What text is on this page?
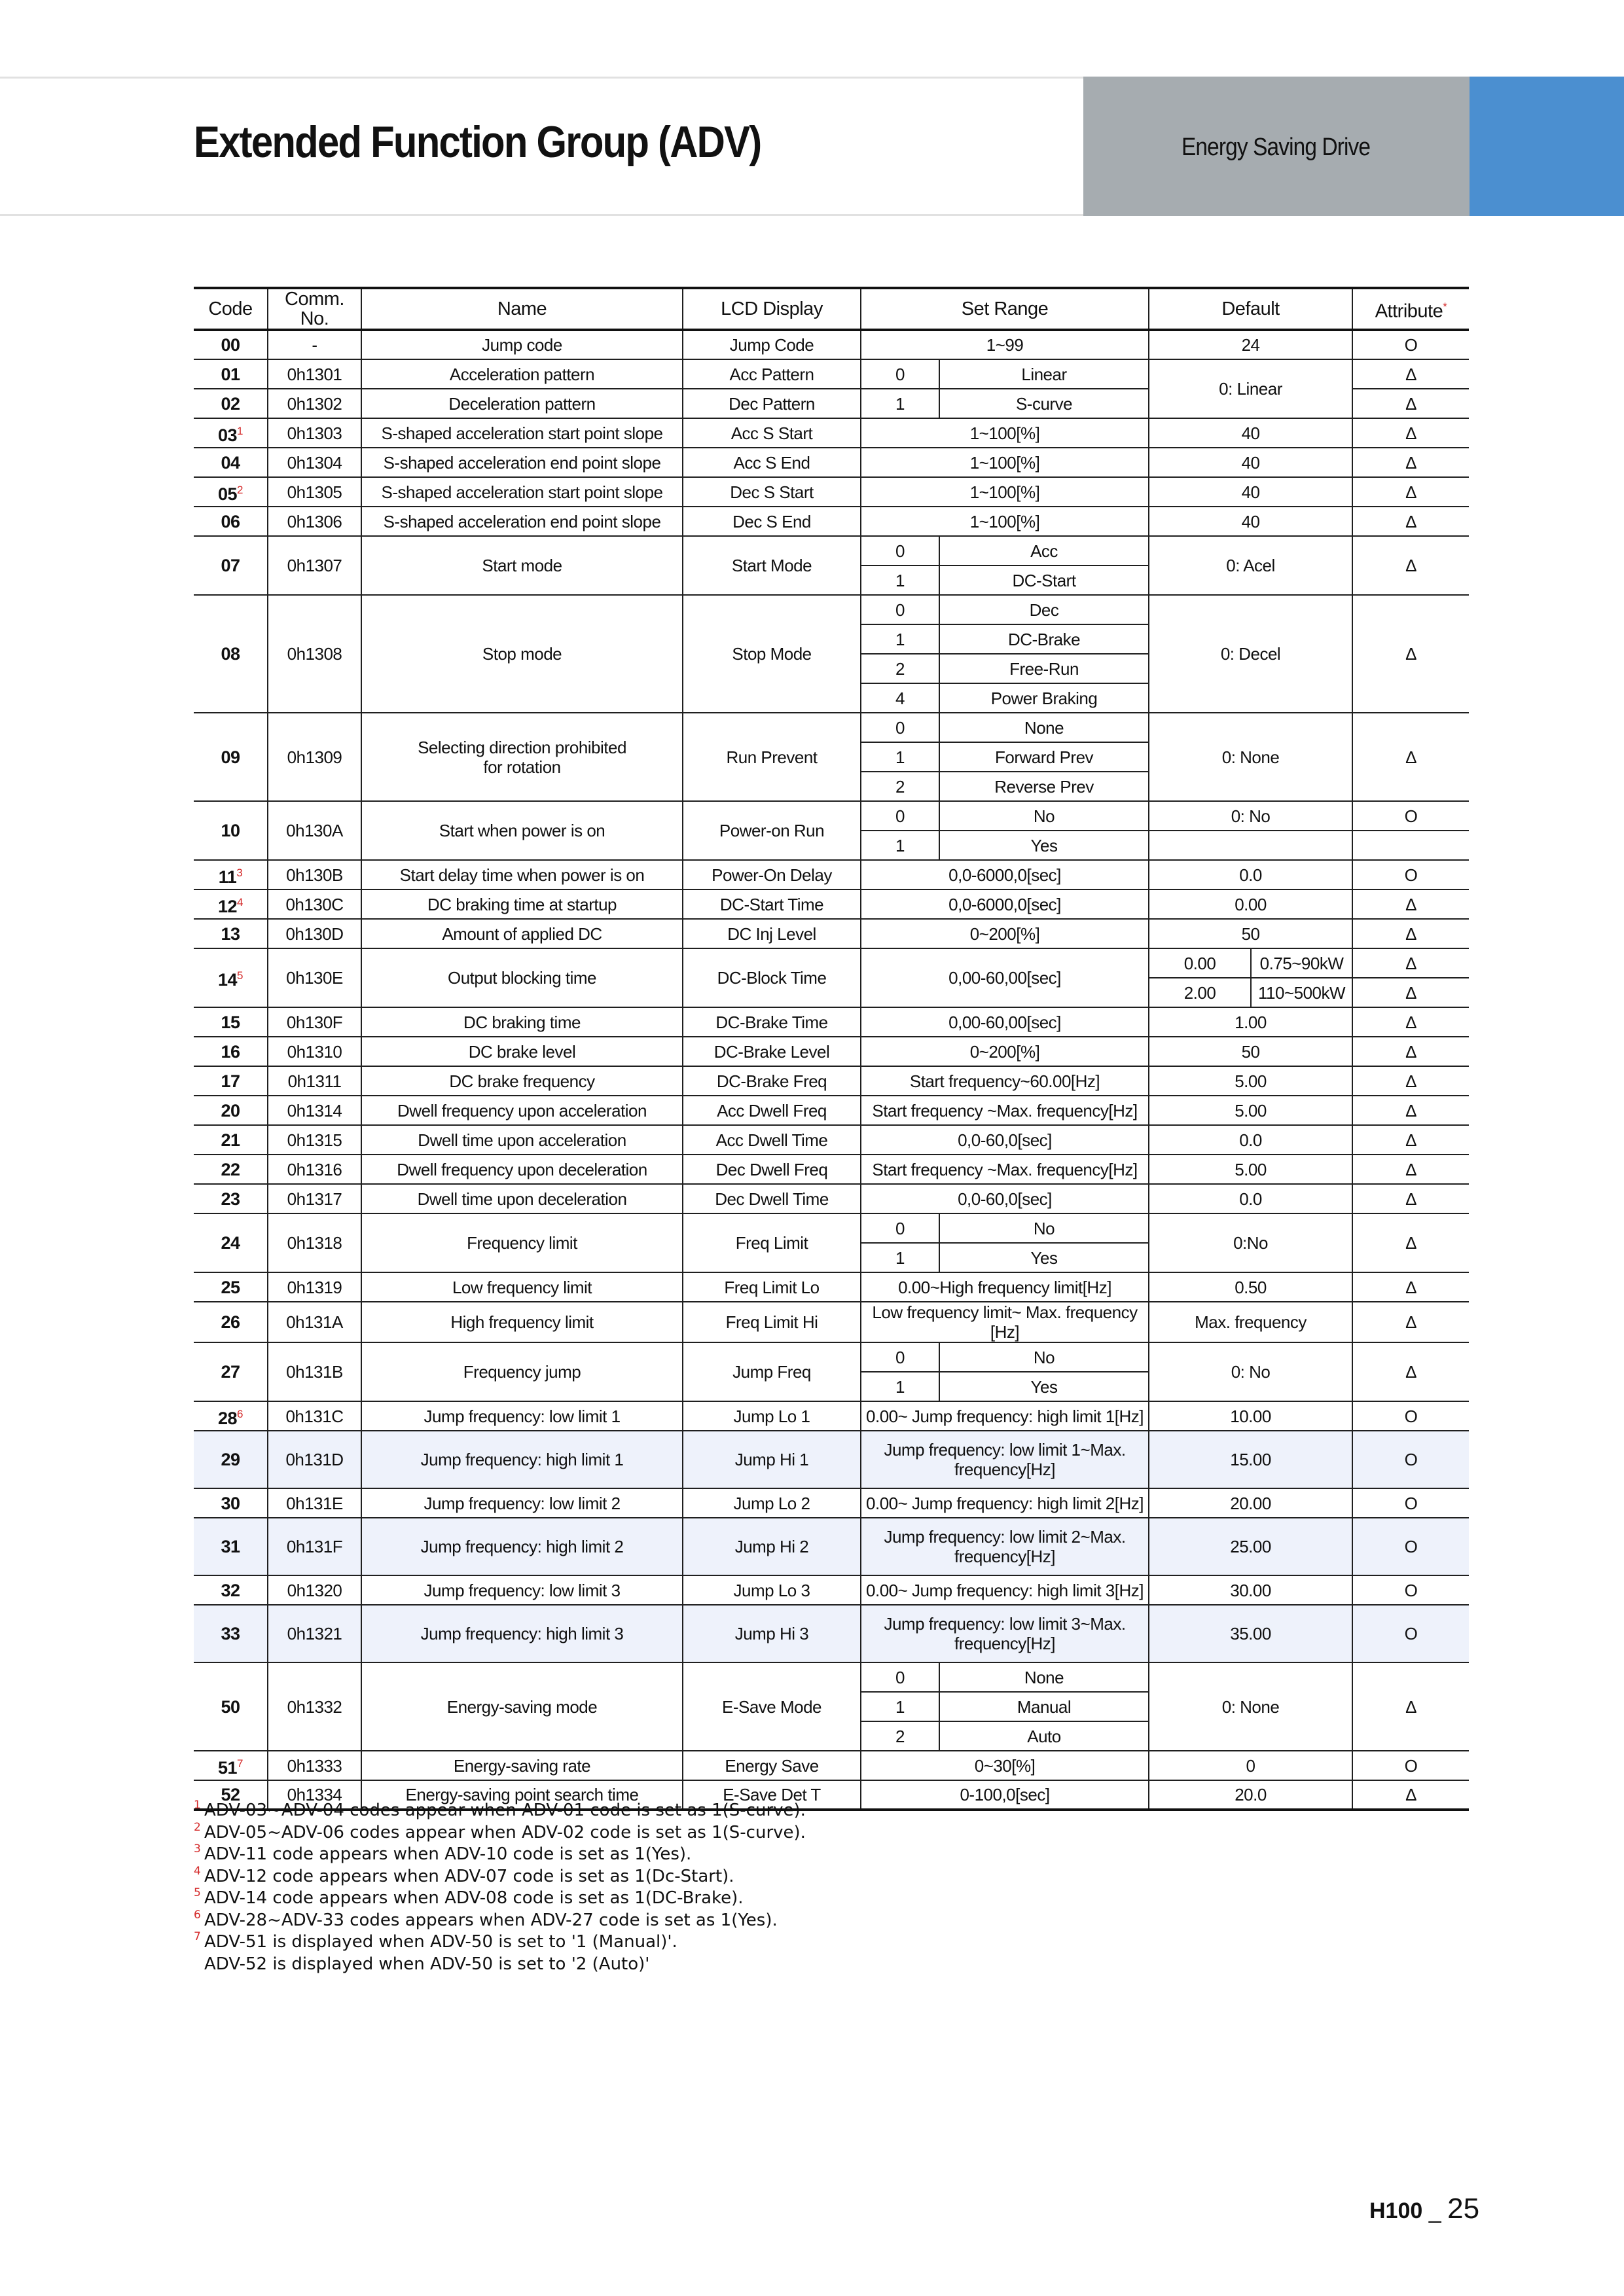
Extended Function Group (ADV)	Energy Saving Drive
Code	Comm. No.	Name	LCD Display	Set Range		Default		Attribute*
00	-	Jump code	Jump Code	1~99		24		O
01	0h1301	Acceleration pattern	Acc Pattern	0	Linear	0: Linear		Δ
02	0h1302	Deceleration pattern	Dec Pattern	1	S-curve			Δ
$03^1$	0h1303	S-shaped acceleration start point slope	Acc S Start	1~100[%]		40		Δ
04	0h1304	S-shaped acceleration end point slope	Acc S End	1~100[%]		40		Δ
$05^2$	0h1305	S-shaped acceleration start point slope	Dec S Start	1~100[%]		40		Δ
06	0h1306	S-shaped acceleration end point slope	Dec S End	1~100[%]		40		Δ
07	0h1307	Start mode	Start Mode	0	Acc	0: Acel		Δ
				1	DC-Start			
08	0h1308	Stop mode	Stop Mode	0	Dec	0: Decel		Δ
				1	DC-Brake			
				2	Free-Run			
				4	Power Braking			
09	0h1309	Selecting direction prohibited
for rotation	Run Prevent	0	None	0: None		Δ
				1	Forward Prev			
				2	Reverse Prev			
10	0h130A	Start when power is on	Power-on Run	0	No	0: No		O
				1	Yes			
$11^3$	0h130B	Start delay time when power is on	Power-On Delay	0,0-6000,0[sec]		0.0		O
$12^4$	0h130C	DC braking time at startup	DC-Start Time	0,0-6000,0[sec]		0.00		Δ
13	0h130D	Amount of applied DC	DC Inj Level	0~200[%]		50		Δ
$14^5$	0h130E	Output blocking time	DC-Block Time	0,00-60,00[sec]		0.00	0.75~90kW	Δ
						2.00	110~500kW	Δ
15	0h130F	DC braking time	DC-Brake Time	0,00-60,00[sec]		1.00		Δ
16	0h1310	DC brake level	DC-Brake Level	0~200[%]		50		Δ
17	0h1311	DC brake frequency	DC-Brake Freq	Start frequency~60.00[Hz]		5.00		Δ
20	0h1314	Dwell frequency upon acceleration	Acc Dwell Freq	Start frequency ~Max. frequency[Hz]		5.00		Δ
21	0h1315	Dwell time upon acceleration	Acc Dwell Time	0,0-60,0[sec]		0.0		Δ
22	0h1316	Dwell frequency upon deceleration	Dec Dwell Freq	Start frequency ~Max. frequency[Hz]		5.00		Δ
23	0h1317	Dwell time upon deceleration	Dec Dwell Time	0,0-60,0[sec]		0.0		Δ
24	0h1318	Frequency limit	Freq Limit	0	No	0:No		Δ
				1	Yes			
25	0h1319	Low frequency limit	Freq Limit Lo	0.00~High frequency limit[Hz]		0.50		Δ
26	0h131A	High frequency limit	Freq Limit Hi	Low frequency limit~ Max. frequency [Hz]		Max. frequency		Δ
27	0h131B	Frequency jump	Jump Freq	0	No	0: No		Δ
				1	Yes			
$28^6$	0h131C	Jump frequency: low limit 1	Jump Lo 1	0.00~ Jump frequency: high limit 1[Hz]		10.00		O
29	0h131D	Jump frequency: high limit 1	Jump Hi 1	Jump frequency: low limit 1~Max.
frequency[Hz]		15.00		O
30	0h131E	Jump frequency: low limit 2	Jump Lo 2	0.00~ Jump frequency: high limit 2[Hz]		20.00		O
31	0h131F	Jump frequency: high limit 2	Jump Hi 2	Jump frequency: low limit 2~Max.
frequency[Hz]		25.00		O
32	0h1320	Jump frequency: low limit 3	Jump Lo 3	0.00~ Jump frequency: high limit 3[Hz]		30.00		O
33	0h1321	Jump frequency: high limit 3	Jump Hi 3	Jump frequency: low limit 3~Max.
frequency[Hz]		35.00		O
50	0h1332	Energy-saving mode	E-Save Mode	0	None	0: None		Δ
				1	Manual			
				2	Auto			
$51^7$	0h1333	Energy-saving rate	Energy Save	0~30[%]		0		O
52	0h1334	Energy-saving point search time	E-Save Det T	0-100,0[sec]		20.0		Δ
1 ADV-03~ADV-04 codes appear when ADV-01 code is set as 1(S-curve).
2 ADV-05~ADV-06 codes appear when ADV-02 code is set as 1(S-curve).
3 ADV-11 code appears when ADV-10 code is set as 1(Yes).
4 ADV-12 code appears when ADV-07 code is set as 1(Dc-Start).
5 ADV-14 code appears when ADV-08 code is set as 1(DC-Brake).
6 ADV-28~ADV-33 codes appears when ADV-27 code is set as 1(Yes).
7 ADV-51 is displayed when ADV-50 is set to '1 (Manual)'.
ADV-52 is displayed when ADV-50 is set to '2 (Auto)'
H100 _ 25
